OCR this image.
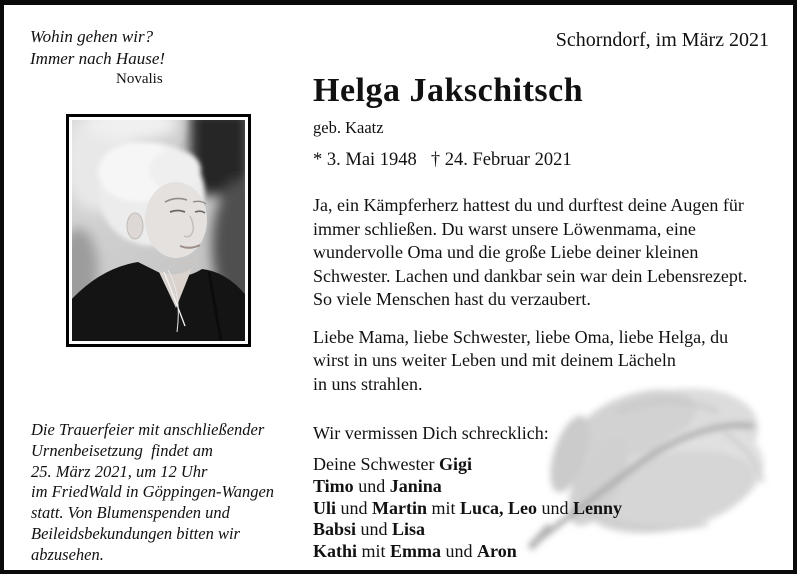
Wohin gehen wir?
Immer nach Hause!
Novalis
Schorndorf, im März 2021
Helga Jakschitsch
geb. Kaatz
* 3. Mai 1948 † 24. Februar 2021

Ja, ein Kämpferherz hattest du und durftest deine Augen für
immer schließen. Du warst unsere Löwenmama, eine
wundervolle Oma und die große Liebe deiner kleinen
Schwester. Lachen und dankbar sein war dein Lebensrezept.
So viele Menschen hast du verzaubert.

Liebe Mama, liebe Schwester, liebe Oma, liebe Helga, du
wirst in uns weiter Leben und mit deinem Lächeln
in uns strahlen.

Wir vermissen Dich schrecklich:

Deine Schwester Gigi
Timo und Janina
Uli und Martin mit Luca, Leo und Lenny
Babsi und Lisa
Kathi mit Emma und Aron
Die Trauerfeier mit anschließender
Urnenbeisetzung  findet am
25. März 2021, um 12 Uhr
im FriedWald in Göppingen-Wangen
statt. Von Blumenspenden und
Beileidsbekundungen bitten wir
abzusehen.
